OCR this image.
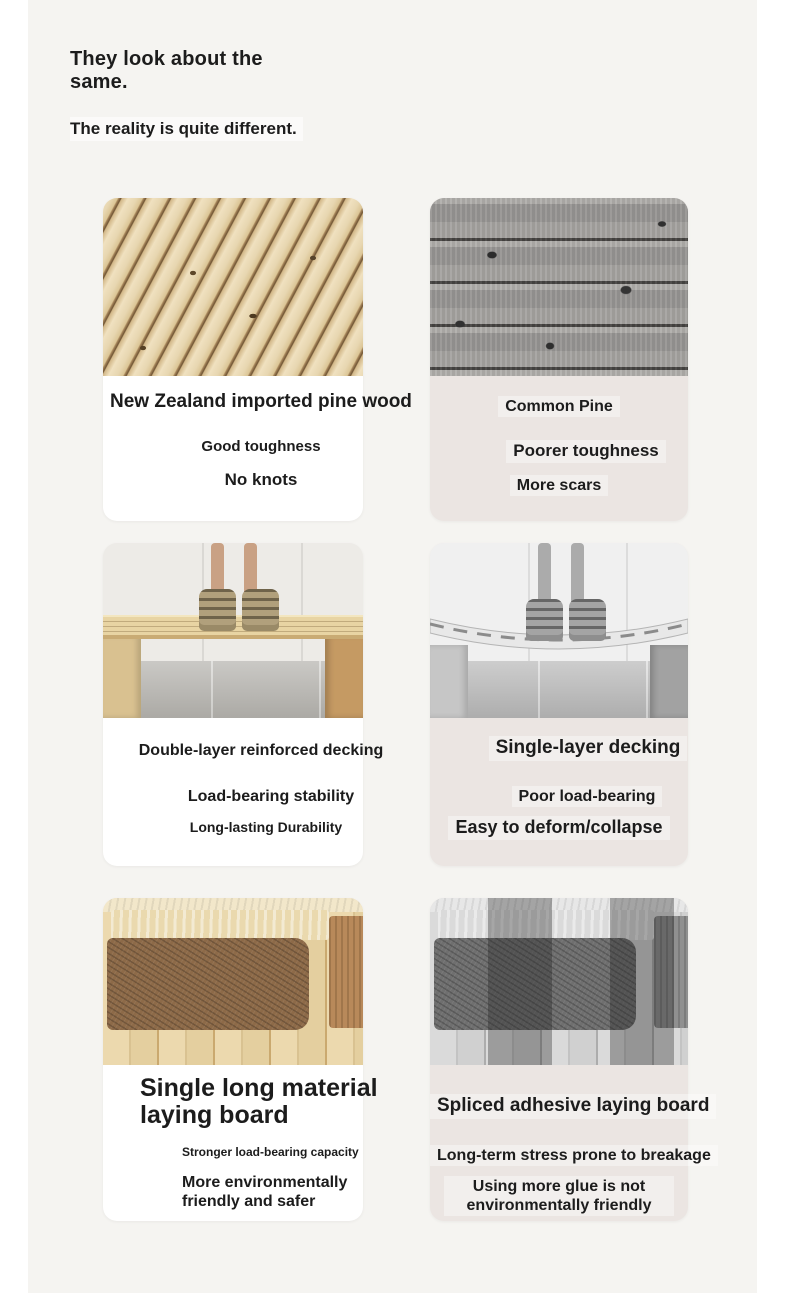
They look about the same.
The reality is quite different.
New Zealand imported pine wood
Good toughness
No knots
Common Pine
Poorer toughness
More scars
Double-layer reinforced decking
Load-bearing stability
Long-lasting Durability
Single-layer decking
Poor load-bearing
Easy to deform/collapse
Single long material laying board
Stronger load-bearing capacity
More environmentally friendly and safer
Spliced adhesive laying board
Long-term stress prone to breakage
Using more glue is not environmentally friendly
